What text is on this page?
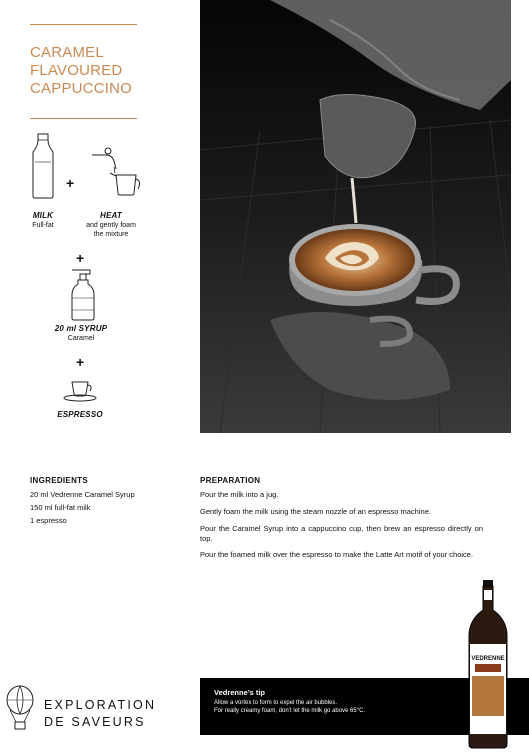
CARAMEL
FLAVOURED
CAPPUCCINO
+
MILK
Full-fat
HEAT
and gently foam
the mixture
+
20 ml SYRUP
Caramel
+
ESPRESSO
INGREDIENTS
20 ml Vedrenne Caramel Syrup
150 ml full-fat milk
1 espresso
PREPARATION
Pour the milk into a jug.
Gently foam the milk using the steam nozzle of an espresso machine.
Pour the Caramel Syrup into a cappuccino cup, then brew an espresso directly on top.
Pour the foamed milk over the espresso to make the Latte Art motif of your choice.
EXPLORATION
DE SAVEURS
Vedrenne’s tip
Allow a vortex to form to expel the air bubbles.
For really creamy foam, don’t let the milk go above 65°C.
VEDRENNE
